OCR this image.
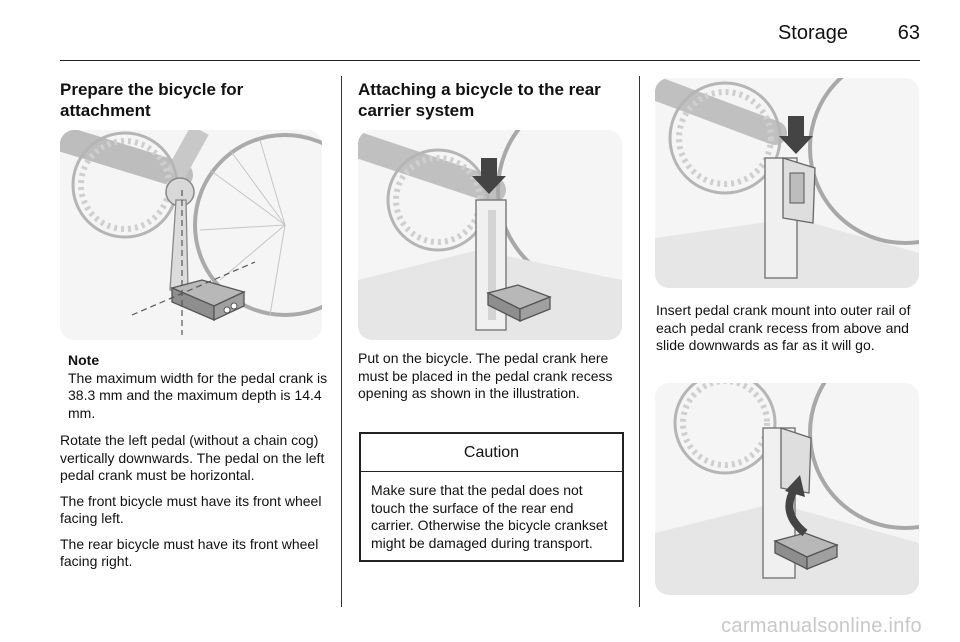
Storage 63
Prepare the bicycle for attachment
Note
The maximum width for the pedal crank is 38.3 mm and the maximum depth is 14.4 mm.

Rotate the left pedal (without a chain cog) vertically downwards. The pedal on the left pedal crank must be horizontal.

The front bicycle must have its front wheel facing left.

The rear bicycle must have its front wheel facing right.

Attaching a bicycle to the rear carrier system
Put on the bicycle. The pedal crank here must be placed in the pedal crank recess opening as shown in the illustration.
Caution
Make sure that the pedal does not touch the surface of the rear end carrier. Otherwise the bicycle crankset might be damaged during transport.
Insert pedal crank mount into outer rail of each pedal crank recess from above and slide downwards as far as it will go.
carmanualsonline.info
